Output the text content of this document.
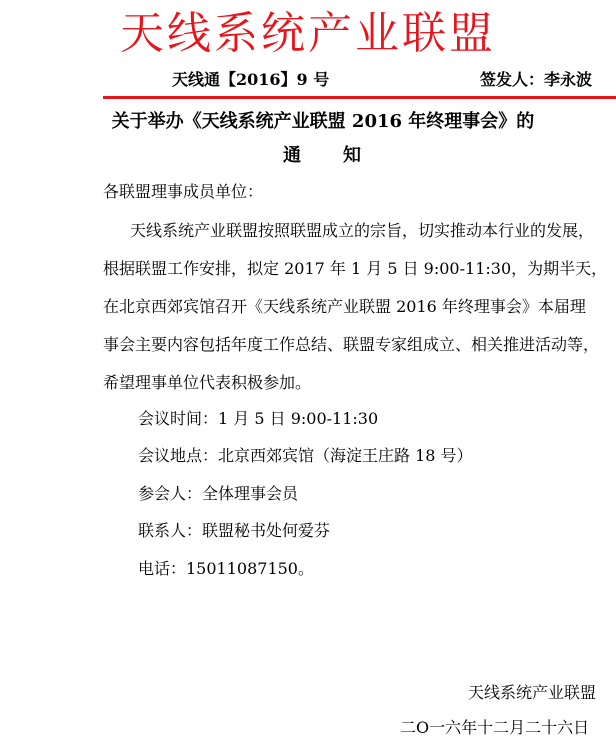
天线系统产业联盟
天线通【2016】9 号	签发人：李永波
关于举办《天线系统产业联盟 2016 年终理事会》的
通　　知
各联盟理事成员单位：
天线系统产业联盟按照联盟成立的宗旨，切实推动本行业的发展，
根据联盟工作安排，拟定 2017 年 1 月 5 日 9:00-11:30，为期半天，
在北京西郊宾馆召开《天线系统产业联盟 2016 年终理事会》本届理
事会主要内容包括年度工作总结、联盟专家组成立、相关推进活动等，
希望理事单位代表积极参加。
会议时间：1 月 5 日 9:00-11:30
会议地点：北京西郊宾馆（海淀王庄路 18 号）
参会人：全体理事会员
联系人：联盟秘书处何爱芬
电话：15011087150。
天线系统产业联盟
二O一六年十二月二十六日
